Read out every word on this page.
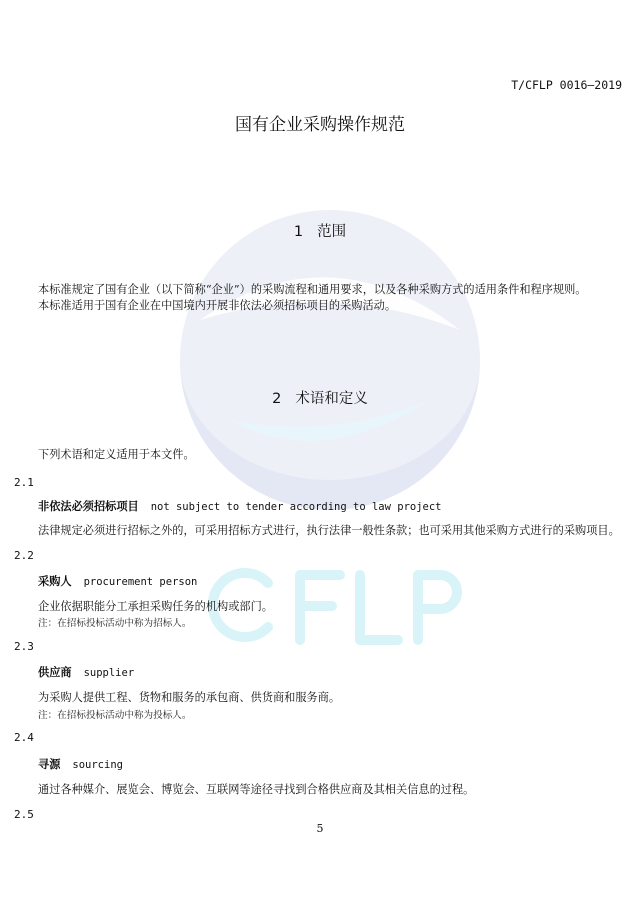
T/CFLP 0016—2019
国有企业采购操作规范
1 范围
本标准规定了国有企业（以下简称“企业”）的采购流程和通用要求，以及各种采购方式的适用条件和程序规则。
本标准适用于国有企业在中国境内开展非依法必须招标项目的采购活动。
2 术语和定义
下列术语和定义适用于本文件。
2.1
非依法必须招标项目 not subject to tender according to law project
法律规定必须进行招标之外的，可采用招标方式进行，执行法律一般性条款；也可采用其他采购方式进行的采购项目。
2.2
采购人 procurement person
企业依据职能分工承担采购任务的机构或部门。
注：在招标投标活动中称为招标人。
2.3
供应商 supplier
为采购人提供工程、货物和服务的承包商、供货商和服务商。
注：在招标投标活动中称为投标人。
2.4
寻源 sourcing
通过各种媒介、展览会、博览会、互联网等途径寻找到合格供应商及其相关信息的过程。
2.5
5
